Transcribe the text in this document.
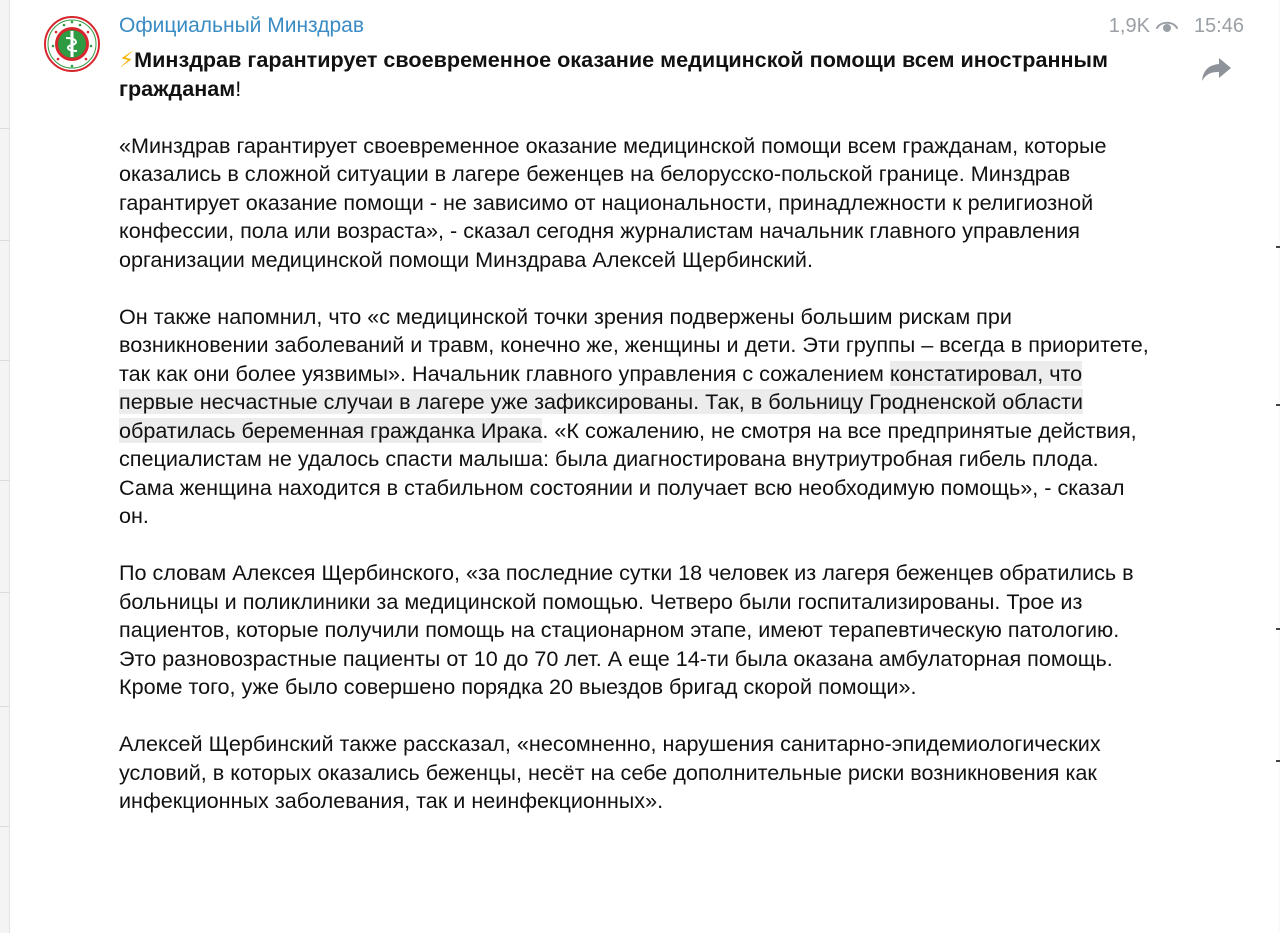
Официальный Минздрав	1,9K 15:46

⚡Минздрав гарантирует своевременное оказание медицинской помощи всем иностранным гражданам!

«Минздрав гарантирует своевременное оказание медицинской помощи всем гражданам, которые оказались в сложной ситуации в лагере беженцев на белорусско-польской границе. Минздрав гарантирует оказание помощи - не зависимо от национальности, принадлежности к религиозной конфессии, пола или возраста», - сказал сегодня журналистам начальник главного управления организации медицинской помощи Минздрава Алексей Щербинский.

Он также напомнил, что «с медицинской точки зрения подвержены большим рискам при возникновении заболеваний и травм, конечно же, женщины и дети. Эти группы – всегда в приоритете, так как они более уязвимы». Начальник главного управления с сожалением констатировал, что первые несчастные случаи в лагере уже зафиксированы. Так, в больницу Гродненской области обратилась беременная гражданка Ирака. «К сожалению, не смотря на все предпринятые действия, специалистам не удалось спасти малыша: была диагностирована внутриутробная гибель плода. Сама женщина находится в стабильном состоянии и получает всю необходимую помощь», - сказал он.

По словам Алексея Щербинского, «за последние сутки 18 человек из лагеря беженцев обратились в больницы и поликлиники за медицинской помощью. Четверо были госпитализированы. Трое из пациентов, которые получили помощь на стационарном этапе, имеют терапевтическую патологию. Это разновозрастные пациенты от 10 до 70 лет. А еще 14-ти была оказана амбулаторная помощь. Кроме того, уже было совершено порядка 20 выездов бригад скорой помощи».

Алексей Щербинский также рассказал, «несомненно, нарушения санитарно-эпидемиологических условий, в которых оказались беженцы, несёт на себе дополнительные риски возникновения как инфекционных заболевания, так и неинфекционных».
